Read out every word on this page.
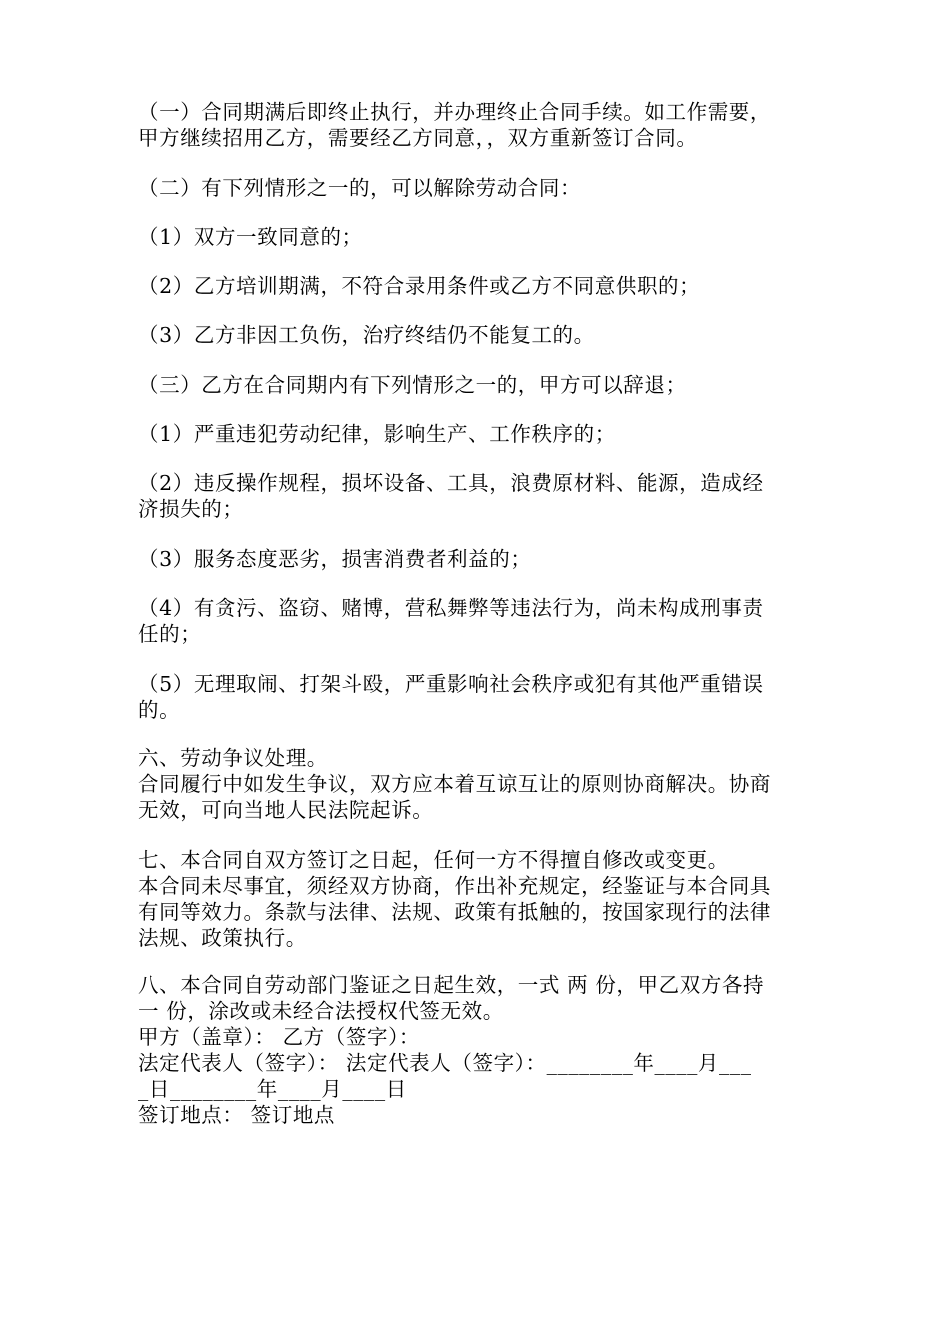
（一）合同期满后即终止执行，并办理终止合同手续。如工作需要，
甲方继续招用乙方，需要经乙方同意，，双方重新签订合同。

（二）有下列情形之一的，可以解除劳动合同：

（1）双方一致同意的；

（2）乙方培训期满，不符合录用条件或乙方不同意供职的；

（3）乙方非因工负伤，治疗终结仍不能复工的。

（三）乙方在合同期内有下列情形之一的，甲方可以辞退；

（1）严重违犯劳动纪律，影响生产、工作秩序的；

（2）违反操作规程，损坏设备、工具，浪费原材料、能源，造成经
济损失的；

（3）服务态度恶劣，损害消费者利益的；

（4）有贪污、盗窃、赌博，营私舞弊等违法行为，尚未构成刑事责
任的；

（5）无理取闹、打架斗殴，严重影响社会秩序或犯有其他严重错误
的。

六、劳动争议处理。
合同履行中如发生争议，双方应本着互谅互让的原则协商解决。协商
无效，可向当地人民法院起诉。

七、本合同自双方签订之日起，任何一方不得擅自修改或变更。
本合同未尽事宜，须经双方协商，作出补充规定，经鉴证与本合同具
有同等效力。条款与法律、法规、政策有抵触的，按国家现行的法律
法规、政策执行。

八、本合同自劳动部门鉴证之日起生效，一式 两 份，甲乙双方各持
一 份，涂改或未经合法授权代签无效。
甲方（盖章）： 乙方（签字）：
法定代表人（签字）： 法定代表人（签字）：________年____月___
_日________年____月____日
签订地点： 签订地点
